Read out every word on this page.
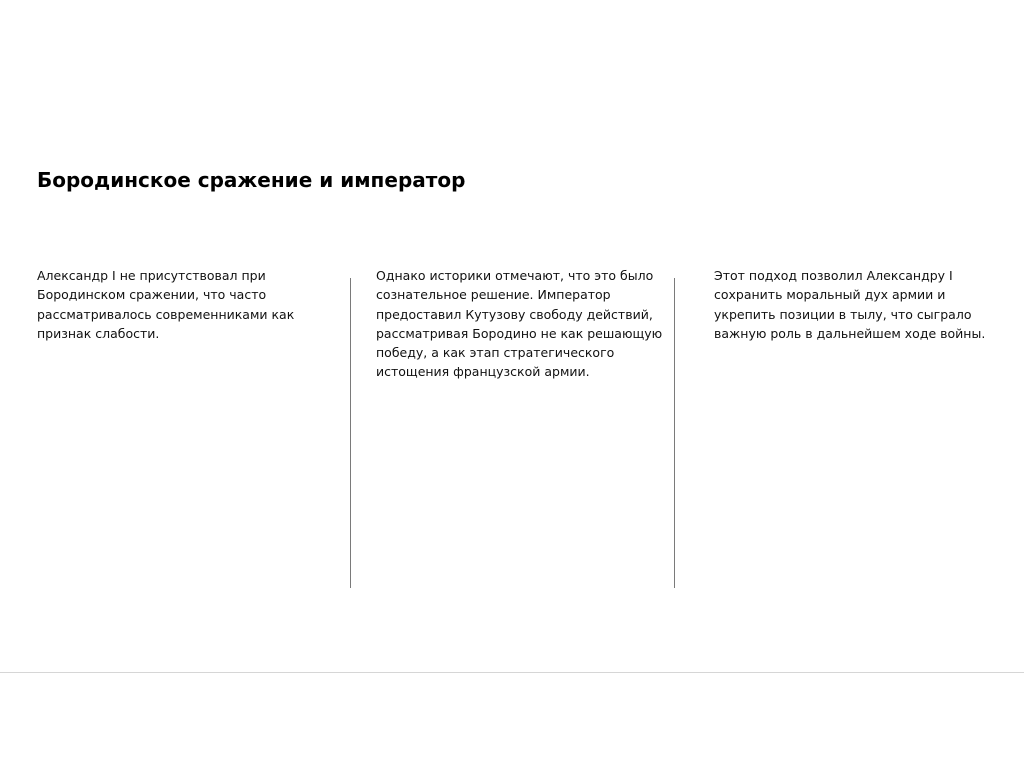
Бородинское сражение и император

Александр I не присутствовал при Бородинском сражении, что часто рассматривалось современниками как признак слабости.

Однако историки отмечают, что это было сознательное решение. Император предоставил Кутузову свободу действий, рассматривая Бородино не как решающую победу, а как этап стратегического истощения французской армии.

Этот подход позволил Александру I сохранить моральный дух армии и укрепить позиции в тылу, что сыграло важную роль в дальнейшем ходе войны.
